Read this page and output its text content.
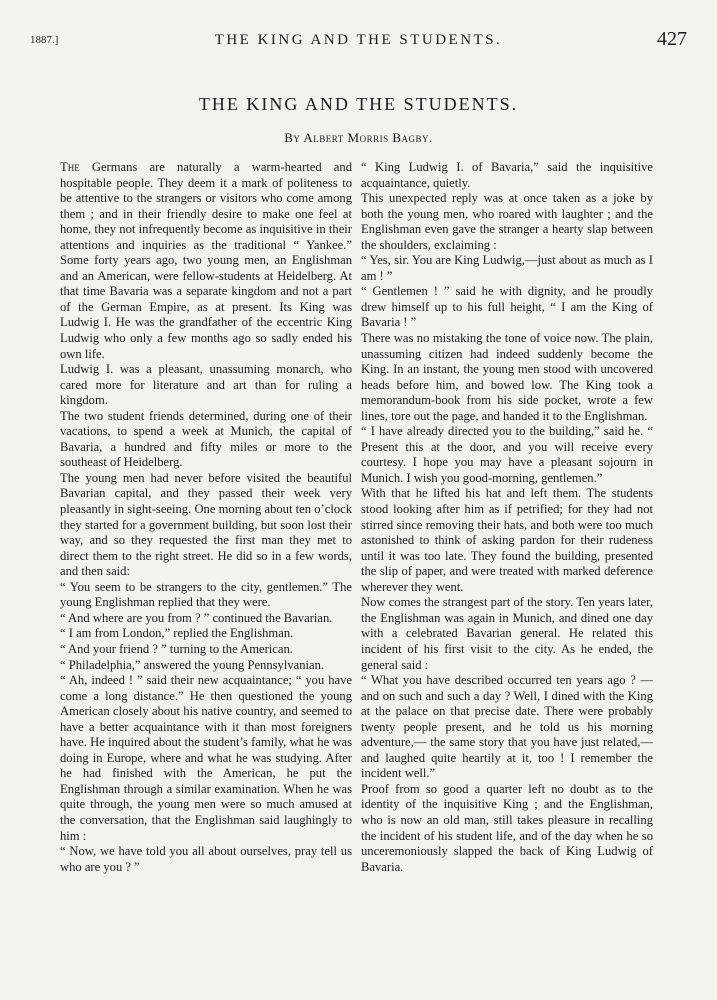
1887.]	THE KING AND THE STUDENTS.	427
THE KING AND THE STUDENTS.
By Albert Morris Bagby.

The Germans are naturally a warm-hearted and hospitable people. They deem it a mark of politeness to be attentive to the strangers or visitors who come among them ; and in their friendly desire to make one feel at home, they not infrequently become as inquisitive in their attentions and inquiries as the traditional “ Yankee.” Some forty years ago, two young men, an Englishman and an American, were fellow-students at Heidelberg. At that time Bavaria was a separate kingdom and not a part of the German Empire, as at present. Its King was Ludwig I. He was the grandfather of the eccentric King Ludwig who only a few months ago so sadly ended his own life.

Ludwig I. was a pleasant, unassuming monarch, who cared more for literature and art than for ruling a kingdom.

The two student friends determined, during one of their vacations, to spend a week at Munich, the capital of Bavaria, a hundred and fifty miles or more to the southeast of Heidelberg.

The young men had never before visited the beautiful Bavarian capital, and they passed their week very pleasantly in sight-seeing. One morning about ten o’clock they started for a government building, but soon lost their way, and so they requested the first man they met to direct them to the right street. He did so in a few words, and then said:

“ You seem to be strangers to the city, gentlemen.” The young Englishman replied that they were.

“ And where are you from ? ” continued the Bavarian.

“ I am from London,” replied the Englishman.

“ And your friend ? ” turning to the American.

“ Philadelphia,” answered the young Pennsylvanian.

“ Ah, indeed ! ” said their new acquaintance; “ you have come a long distance.” He then questioned the young American closely about his native country, and seemed to have a better acquaintance with it than most foreigners have. He inquired about the student’s family, what he was doing in Europe, where and what he was studying. After he had finished with the American, he put the Englishman through a similar examination. When he was quite through, the young men were so much amused at the conversation, that the Englishman said laughingly to him :

“ Now, we have told you all about ourselves, pray tell us who are you ? ”

“ King Ludwig I. of Bavaria,” said the inquisitive acquaintance, quietly.

This unexpected reply was at once taken as a joke by both the young men, who roared with laughter ; and the Englishman even gave the stranger a hearty slap between the shoulders, exclaiming :

“ Yes, sir. You are King Ludwig,—just about as much as I am ! ”

“ Gentlemen ! ” said he with dignity, and he proudly drew himself up to his full height, “ I am the King of Bavaria ! ”

There was no mistaking the tone of voice now. The plain, unassuming citizen had indeed suddenly become the King. In an instant, the young men stood with uncovered heads before him, and bowed low. The King took a memorandum-book from his side pocket, wrote a few lines, tore out the page, and handed it to the Englishman.

“ I have already directed you to the building,” said he. “ Present this at the door, and you will receive every courtesy. I hope you may have a pleasant sojourn in Munich. I wish you good-morning, gentlemen.”

With that he lifted his hat and left them. The students stood looking after him as if petrified; for they had not stirred since removing their hats, and both were too much astonished to think of asking pardon for their rudeness until it was too late. They found the building, presented the slip of paper, and were treated with marked deference wherever they went.

Now comes the strangest part of the story. Ten years later, the Englishman was again in Munich, and dined one day with a celebrated Bavarian general. He related this incident of his first visit to the city. As he ended, the general said :

“ What you have described occurred ten years ago ? — and on such and such a day ? Well, I dined with the King at the palace on that precise date. There were probably twenty people present, and he told us his morning adventure,— the same story that you have just related,—and laughed quite heartily at it, too ! I remember the incident well.”

Proof from so good a quarter left no doubt as to the identity of the inquisitive King ; and the Englishman, who is now an old man, still takes pleasure in recalling the incident of his student life, and of the day when he so unceremoniously slapped the back of King Ludwig of Bavaria.
